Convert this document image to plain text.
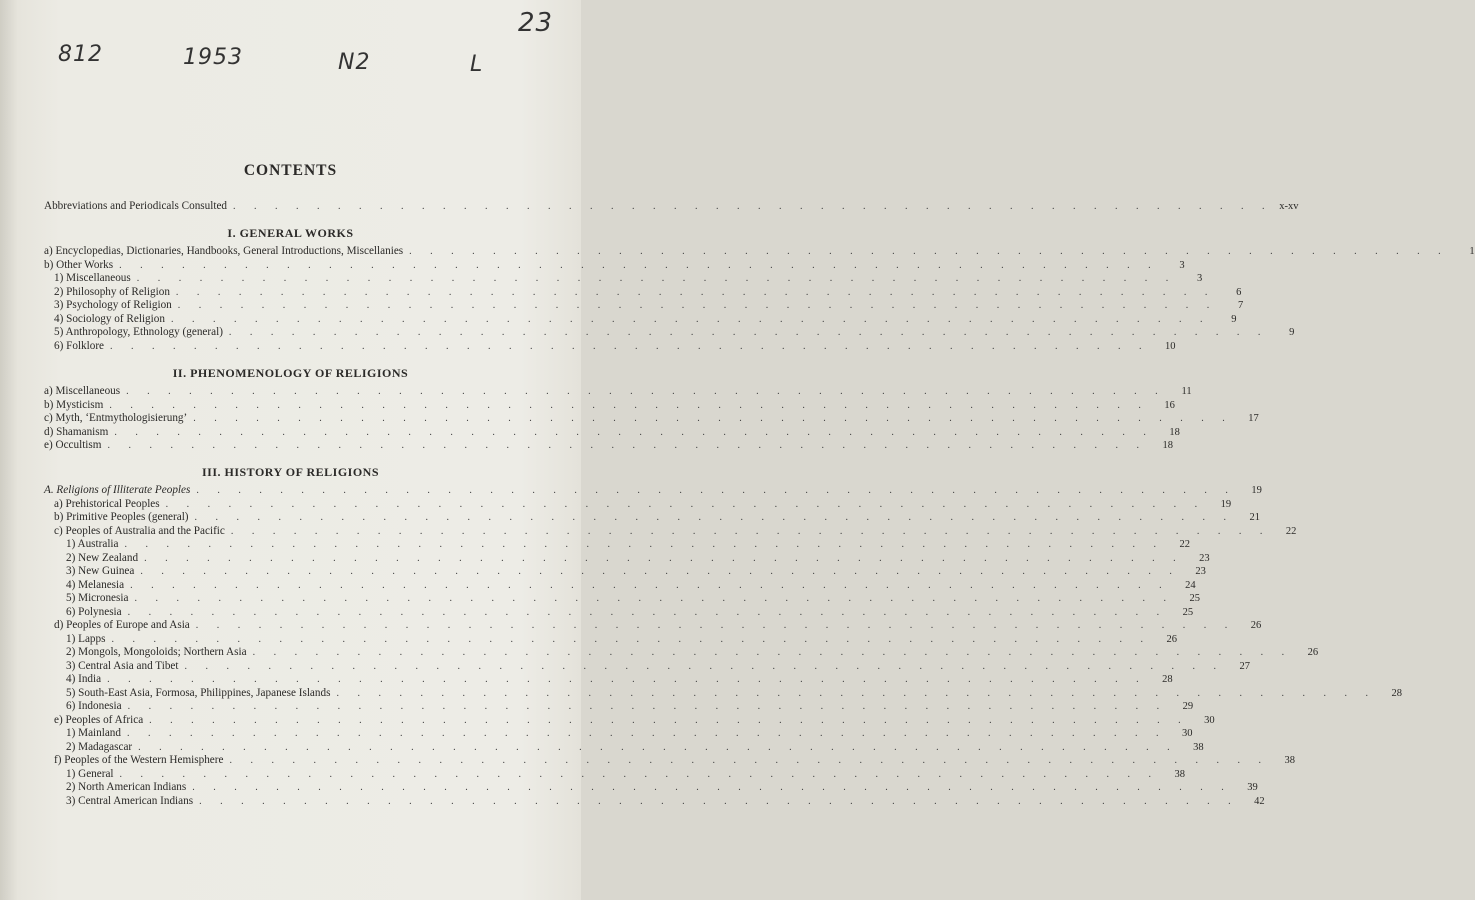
812	1953	N2	L
23
CONTENTS
Abbreviations and Periodicals Consulted . . . . . . . . . . . . . . . . . . . . . . . . . . . . . . . . . . . . . . . . . . . . . . . . . . x-xv
I. GENERAL WORKS
a) Encyclopedias, Dictionaries, Handbooks, General Introductions, Miscellanies . . . . . . . . . . . . . . . . . . . . . . . . . . . . . . . . . . . . . . . . . . . . . . . . . .	1
b) Other Works . . . . . . . . . . . . . . . . . . . . . . . . . . . . . . . . . . . . . . . . . . . . . . . . . .	3
1) Miscellaneous . . . . . . . . . . . . . . . . . . . . . . . . . . . . . . . . . . . . . . . . . . . . . . . . . .	3
2) Philosophy of Religion . . . . . . . . . . . . . . . . . . . . . . . . . . . . . . . . . . . . . . . . . . . . . . . . . .	6
3) Psychology of Religion . . . . . . . . . . . . . . . . . . . . . . . . . . . . . . . . . . . . . . . . . . . . . . . . . .	7
4) Sociology of Religion . . . . . . . . . . . . . . . . . . . . . . . . . . . . . . . . . . . . . . . . . . . . . . . . . .	9
5) Anthropology, Ethnology (general) . . . . . . . . . . . . . . . . . . . . . . . . . . . . . . . . . . . . . . . . . . . . . . . . . .	9
6) Folklore . . . . . . . . . . . . . . . . . . . . . . . . . . . . . . . . . . . . . . . . . . . . . . . . . .	10
II. PHENOMENOLOGY OF RELIGIONS
a) Miscellaneous . . . . . . . . . . . . . . . . . . . . . . . . . . . . . . . . . . . . . . . . . . . . . . . . . .	11
b) Mysticism . . . . . . . . . . . . . . . . . . . . . . . . . . . . . . . . . . . . . . . . . . . . . . . . . .	16
c) Myth, ‘Entmythologisierung’ . . . . . . . . . . . . . . . . . . . . . . . . . . . . . . . . . . . . . . . . . . . . . . . . . .	17
d) Shamanism . . . . . . . . . . . . . . . . . . . . . . . . . . . . . . . . . . . . . . . . . . . . . . . . . .	18
e) Occultism . . . . . . . . . . . . . . . . . . . . . . . . . . . . . . . . . . . . . . . . . . . . . . . . . .	18
III. HISTORY OF RELIGIONS
A. Religions of Illiterate Peoples . . . . . . . . . . . . . . . . . . . . . . . . . . . . . . . . . . . . . . . . . . . . . . . . . .	19
a) Prehistorical Peoples . . . . . . . . . . . . . . . . . . . . . . . . . . . . . . . . . . . . . . . . . . . . . . . . . .	19
b) Primitive Peoples (general) . . . . . . . . . . . . . . . . . . . . . . . . . . . . . . . . . . . . . . . . . . . . . . . . . .	21
c) Peoples of Australia and the Pacific . . . . . . . . . . . . . . . . . . . . . . . . . . . . . . . . . . . . . . . . . . . . . . . . . .	22
1) Australia . . . . . . . . . . . . . . . . . . . . . . . . . . . . . . . . . . . . . . . . . . . . . . . . . .	22
2) New Zealand . . . . . . . . . . . . . . . . . . . . . . . . . . . . . . . . . . . . . . . . . . . . . . . . . .	23
3) New Guinea . . . . . . . . . . . . . . . . . . . . . . . . . . . . . . . . . . . . . . . . . . . . . . . . . .	23
4) Melanesia . . . . . . . . . . . . . . . . . . . . . . . . . . . . . . . . . . . . . . . . . . . . . . . . . .	24
5) Micronesia . . . . . . . . . . . . . . . . . . . . . . . . . . . . . . . . . . . . . . . . . . . . . . . . . .	25
6) Polynesia . . . . . . . . . . . . . . . . . . . . . . . . . . . . . . . . . . . . . . . . . . . . . . . . . .	25
d) Peoples of Europe and Asia . . . . . . . . . . . . . . . . . . . . . . . . . . . . . . . . . . . . . . . . . . . . . . . . . .	26
1) Lapps . . . . . . . . . . . . . . . . . . . . . . . . . . . . . . . . . . . . . . . . . . . . . . . . . .	26
2) Mongols, Mongoloids; Northern Asia . . . . . . . . . . . . . . . . . . . . . . . . . . . . . . . . . . . . . . . . . . . . . . . . . .	26
3) Central Asia and Tibet . . . . . . . . . . . . . . . . . . . . . . . . . . . . . . . . . . . . . . . . . . . . . . . . . .	27
4) India . . . . . . . . . . . . . . . . . . . . . . . . . . . . . . . . . . . . . . . . . . . . . . . . . .	28
5) South-East Asia, Formosa, Philippines, Japanese Islands . . . . . . . . . . . . . . . . . . . . . . . . . . . . . . . . . . . . . . . . . . . . . . . . . .	28
6) Indonesia . . . . . . . . . . . . . . . . . . . . . . . . . . . . . . . . . . . . . . . . . . . . . . . . . .	29
e) Peoples of Africa . . . . . . . . . . . . . . . . . . . . . . . . . . . . . . . . . . . . . . . . . . . . . . . . . .	30
1) Mainland . . . . . . . . . . . . . . . . . . . . . . . . . . . . . . . . . . . . . . . . . . . . . . . . . .	30
2) Madagascar . . . . . . . . . . . . . . . . . . . . . . . . . . . . . . . . . . . . . . . . . . . . . . . . . .	38
f) Peoples of the Western Hemisphere . . . . . . . . . . . . . . . . . . . . . . . . . . . . . . . . . . . . . . . . . . . . . . . . . .	38
1) General . . . . . . . . . . . . . . . . . . . . . . . . . . . . . . . . . . . . . . . . . . . . . . . . . .	38
2) North American Indians . . . . . . . . . . . . . . . . . . . . . . . . . . . . . . . . . . . . . . . . . . . . . . . . . .	39
3) Central American Indians . . . . . . . . . . . . . . . . . . . . . . . . . . . . . . . . . . . . . . . . . . . . . . . . . .	42
